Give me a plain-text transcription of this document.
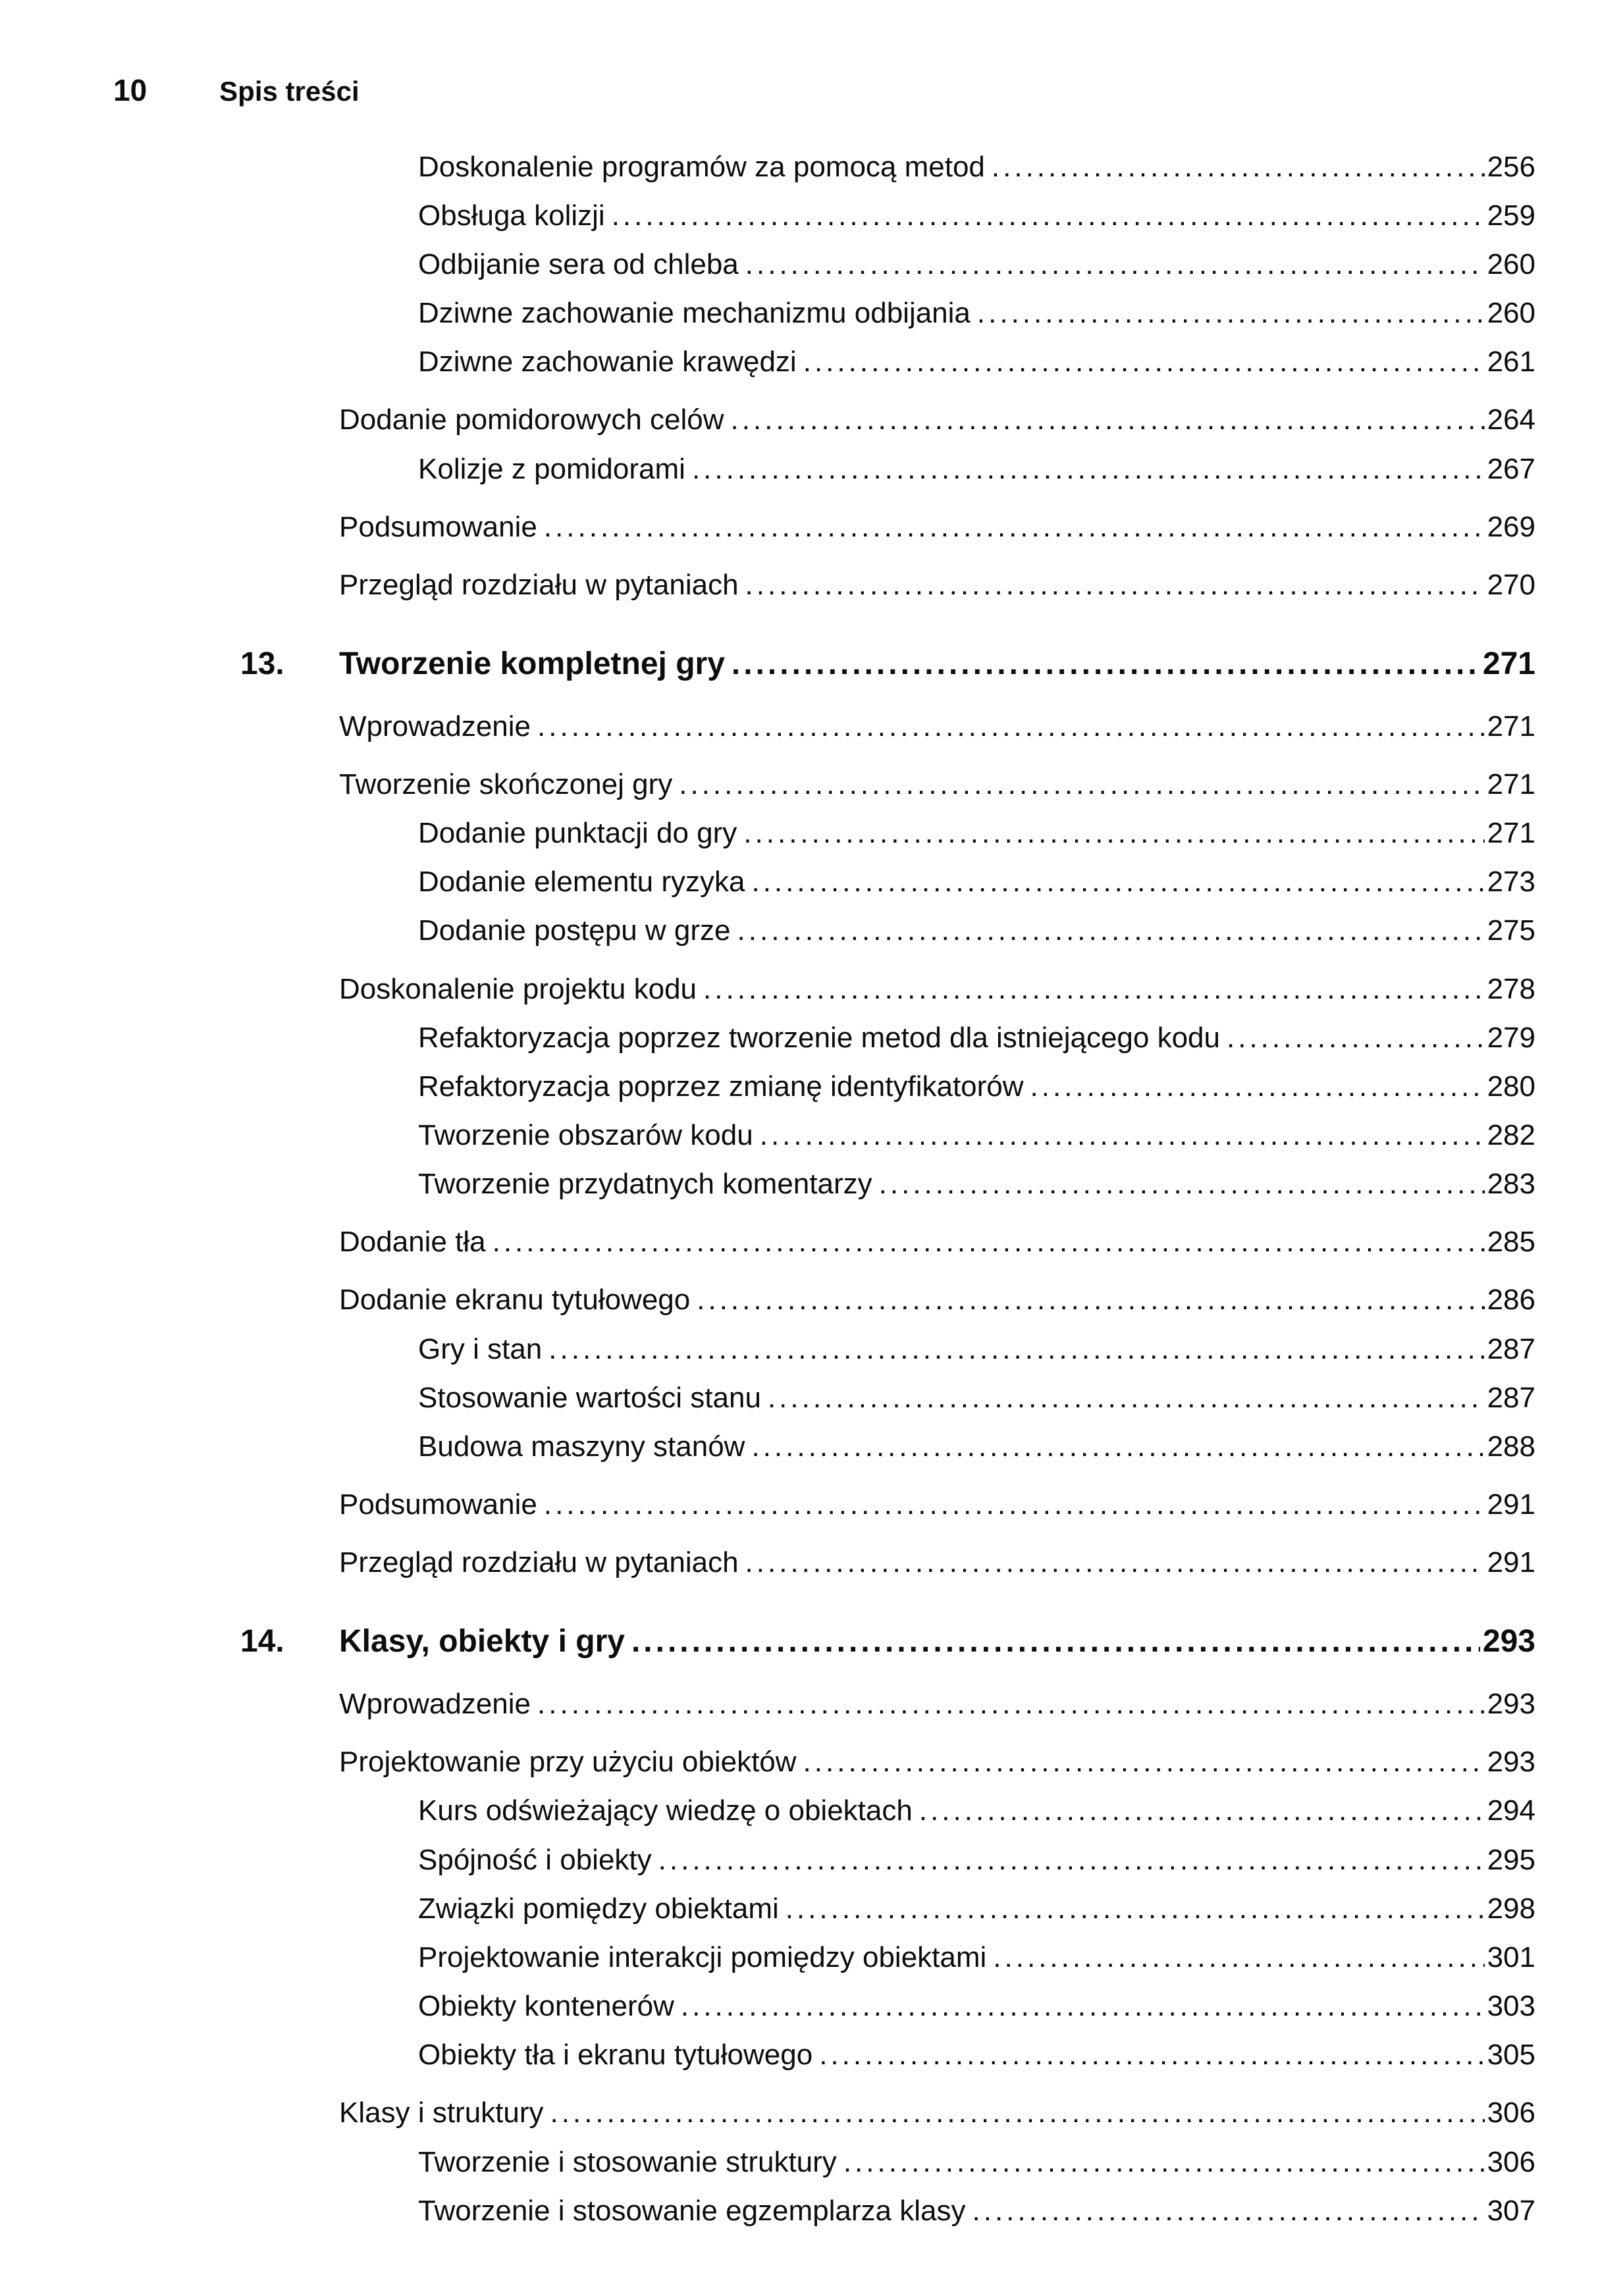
10	Spis treści
Doskonalenie programów za pomocą metod .....	256
Obsługa kolizji .....	259
Odbijanie sera od chleba .....	260
Dziwne zachowanie mechanizmu odbijania .....	260
Dziwne zachowanie krawędzi .....	261
Dodanie pomidorowych celów .....	264
Kolizje z pomidorami .....	267
Podsumowanie .....	269
Przegląd rozdziału w pytaniach .....	270
13.	Tworzenie kompletnej gry .....	271
Wprowadzenie .....	271
Tworzenie skończonej gry .....	271
Dodanie punktacji do gry .....	271
Dodanie elementu ryzyka .....	273
Dodanie postępu w grze .....	275
Doskonalenie projektu kodu .....	278
Refaktoryzacja poprzez tworzenie metod dla istniejącego kodu .....	279
Refaktoryzacja poprzez zmianę identyfikatorów .....	280
Tworzenie obszarów kodu .....	282
Tworzenie przydatnych komentarzy .....	283
Dodanie tła .....	285
Dodanie ekranu tytułowego .....	286
Gry i stan .....	287
Stosowanie wartości stanu .....	287
Budowa maszyny stanów .....	288
Podsumowanie .....	291
Przegląd rozdziału w pytaniach .....	291
14.	Klasy, obiekty i gry .....	293
Wprowadzenie .....	293
Projektowanie przy użyciu obiektów .....	293
Kurs odświeżający wiedzę o obiektach .....	294
Spójność i obiekty .....	295
Związki pomiędzy obiektami .....	298
Projektowanie interakcji pomiędzy obiektami .....	301
Obiekty kontenerów .....	303
Obiekty tła i ekranu tytułowego .....	305
Klasy i struktury .....	306
Tworzenie i stosowanie struktury .....	306
Tworzenie i stosowanie egzemplarza klasy .....	307
